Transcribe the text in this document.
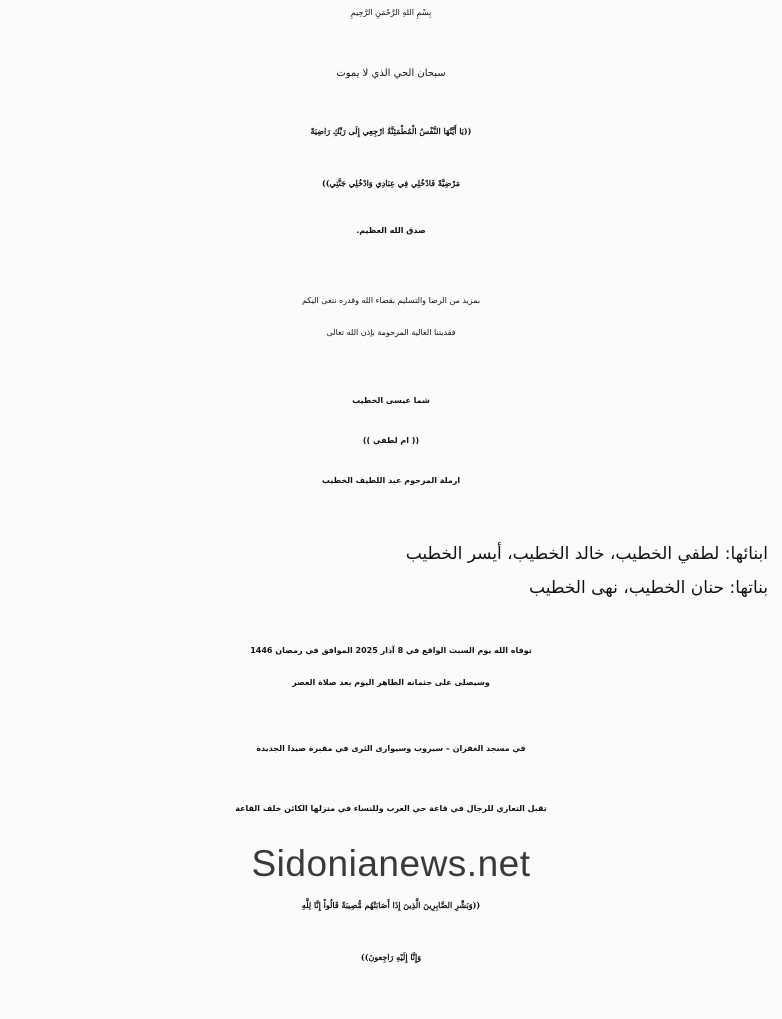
بِسْمِ اللهِ الرَّحْمَنِ الرَّحِيمِ

سبحان الحي الذي لا يموت

((يَا أَيَّتُهَا النَّفْسُ الْمُطْمَئِنَّةُ ارْجِعِي إِلَى رَبِّكِ رَاضِيَةً

مَرْضِيَّةً فَادْخُلِي فِي عِبَادِي وَادْخُلِي جَنَّتِي))

صدق الله العظيم.

بمزيد من الرضا والتسليم بقضاء الله وقدره ننعى اليكم

فقديتنا الغالية المرحومة بإذن الله تعالى

شما عيسى الخطيب

(( ام لطفي ))

ارملة المرحوم عبد اللطيف الخطيب

ابنائها: لطفي الخطيب، خالد الخطيب، أيسر الخطيب

بناتها: حنان الخطيب، نهى الخطيب

توفاه الله يوم السبت الواقع في 8 آذار 2025 الموافق في رمضان 1446

وسيصلى على جثمانه الطاهر اليوم بعد صلاة العصر

في مسجد الغفران – سيروب وسيوارى الثرى في مقبرة صيدا الجديدة

تقبل التعازي للرجال في قاعة حي العرب وللنساء في منزلها الكائن خلف القاعة

Sidonianews.net

((وَبَشِّرِ الصَّابِرِينَ الَّذِينَ إِذَا أَصَابَتْهُم مُّصِيبَةٌ قَالُواْ إِنَّا لِلَّهِ

وَإِنَّا إِلَيْهِ رَاجِعونَ))
